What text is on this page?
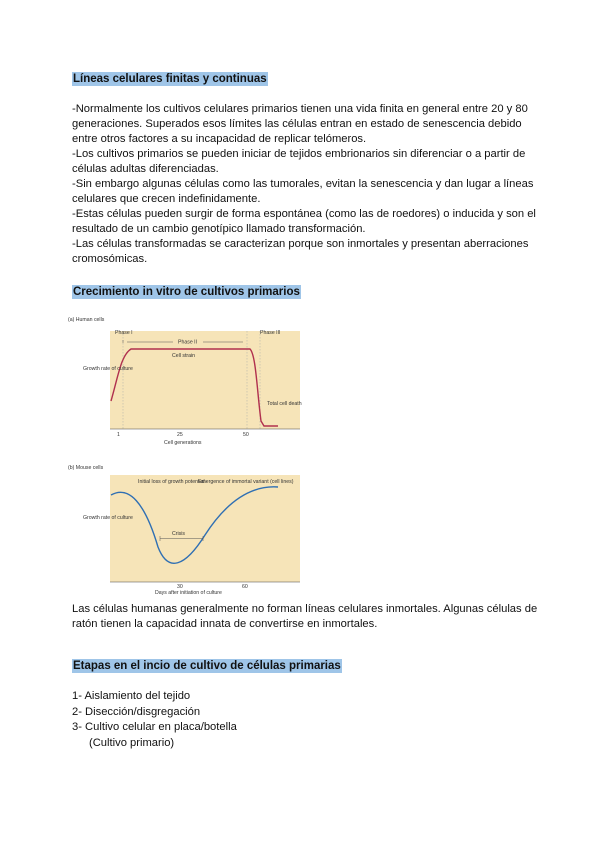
Líneas celulares finitas y continuas

-Normalmente los cultivos celulares primarios tienen una vida finita en general entre 20 y 80 generaciones. Superados esos límites las células entran en estado de senescencia debido entre otros factores a su incapacidad de replicar telómeros.

-Los cultivos primarios se pueden iniciar de tejidos embrionarios sin diferenciar o a partir de células adultas diferenciadas.

-Sin embargo algunas células como las tumorales, evitan la senescencia y dan lugar a líneas celulares que crecen indefinidamente.

-Estas células pueden surgir de forma espontánea (como las de roedores) o inducida y son el resultado de un cambio genotípico llamado transformación.

-Las células transformadas se caracterizan porque son inmortales y presentan aberraciones cromosómicas.

Crecimiento in vitro de cultivos primarios
(a) Human cells
Phase I
Phase II
Phase III
Cell strain
Growth rate of culture
Total cell death
1	25	50
Cell generations
(b) Mouse cells
Initial loss of growth potential
Emergence of immortal variant (cell lines)
Crisis
Growth rate of culture
30	60
Days after initiation of culture
Las células humanas generalmente no forman líneas celulares inmortales. Algunas células de ratón tienen la capacidad innata de convertirse en inmortales.
Etapas en el incio de cultivo de células primarias
1- Aislamiento del tejido
2- Disección/disgregación
3- Cultivo celular en placa/botella
(Cultivo primario)
